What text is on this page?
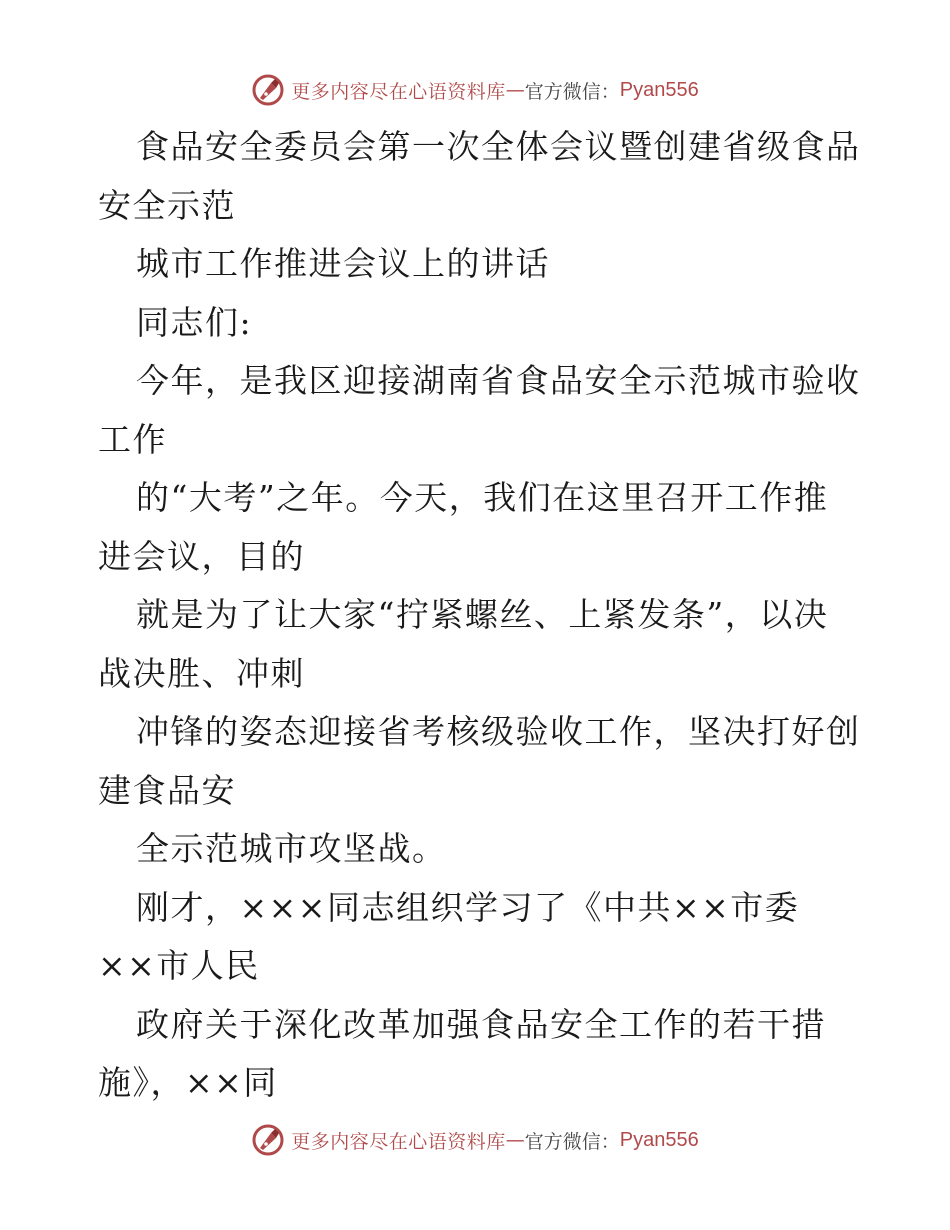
更多内容尽在心语资料库 — 官方微信： Pyan556
食品安全委员会第一次全体会议暨创建省级食品
安全示范
城市工作推进会议上的讲话
同志们:
今年，是我区迎接湖南省食品安全示范城市验收
工作
的“大考”之年。今天，我们在这里召开工作推
进会议，目的
就是为了让大家“拧紧螺丝、上紧发条”，以决
战决胜、冲刺
冲锋的姿态迎接省考核级验收工作，坚决打好创
建食品安
全示范城市攻坚战。
刚才，×××同志组织学习了《中共××市委
××市人民
政府关于深化改革加强食品安全工作的若干措
施》，××同
更多内容尽在心语资料库 — 官方微信： Pyan556
